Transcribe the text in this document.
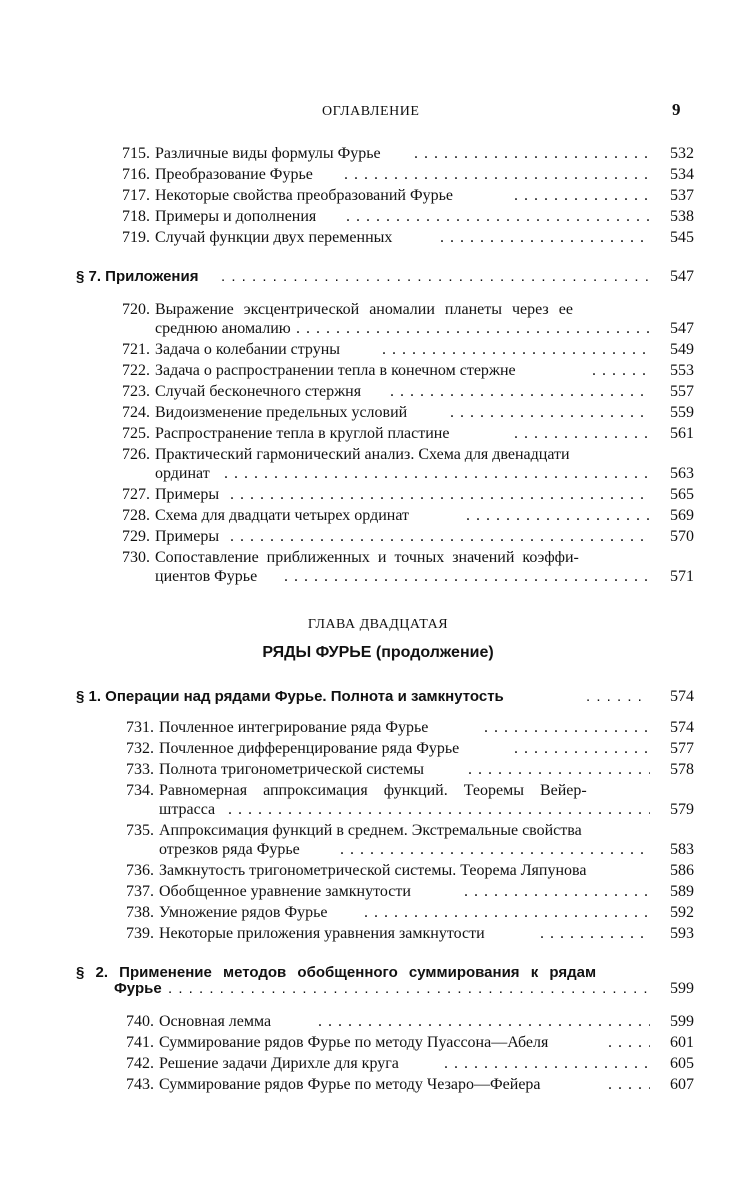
ОГЛАВЛЕНИЕ	9
715. Различные виды формулы Фурье . . .	532
716. Преобразование Фурье . . .	534
717. Некоторые свойства преобразований Фурье . . .	537
718. Примеры и дополнения . . .	538
719. Случай функции двух переменных . . .	545
§ 7. Приложения . . .	547
720. Выражение эксцентрической аномалии планеты через ее
среднюю аномалию . . .	547
721. Задача о колебании струны . . .	549
722. Задача о распространении тепла в конечном стержне . . .	553
723. Случай бесконечного стержня . . .	557
724. Видоизменение предельных условий . . .	559
725. Распространение тепла в круглой пластине . . .	561
726. Практический гармонический анализ. Схема для двенадцати
ординат . . .	563
727. Примеры . . .	565
728. Схема для двадцати четырех ординат . . .	569
729. Примеры . . .	570
730. Сопоставление приближенных и точных значений коэффи-
циентов Фурье . . .	571
ГЛАВА ДВАДЦАТАЯ
РЯДЫ ФУРЬЕ (продолжение)
§ 1. Операции над рядами Фурье. Полнота и замкнутость . . .	574
731. Почленное интегрирование ряда Фурье . . .	574
732. Почленное дифференцирование ряда Фурье . . .	577
733. Полнота тригонометрической системы . . .	578
734. Равномерная аппроксимация функций. Теоремы Вейер-
штрасса . . .	579
735. Аппроксимация функций в среднем. Экстремальные свойства
отрезков ряда Фурье . . .	583
736. Замкнутость тригонометрической системы. Теорема Ляпунова	586
737. Обобщенное уравнение замкнутости . . .	589
738. Умножение рядов Фурье . . .	592
739. Некоторые приложения уравнения замкнутости . . .	593
§ 2. Применение методов обобщенного суммирования к рядам
Фурье . . .	599
740. Основная лемма . . .	599
741. Суммирование рядов Фурье по методу Пуассона—Абеля . . .	601
742. Решение задачи Дирихле для круга . . .	605
743. Суммирование рядов Фурье по методу Чезаро—Фейера . . .	607
